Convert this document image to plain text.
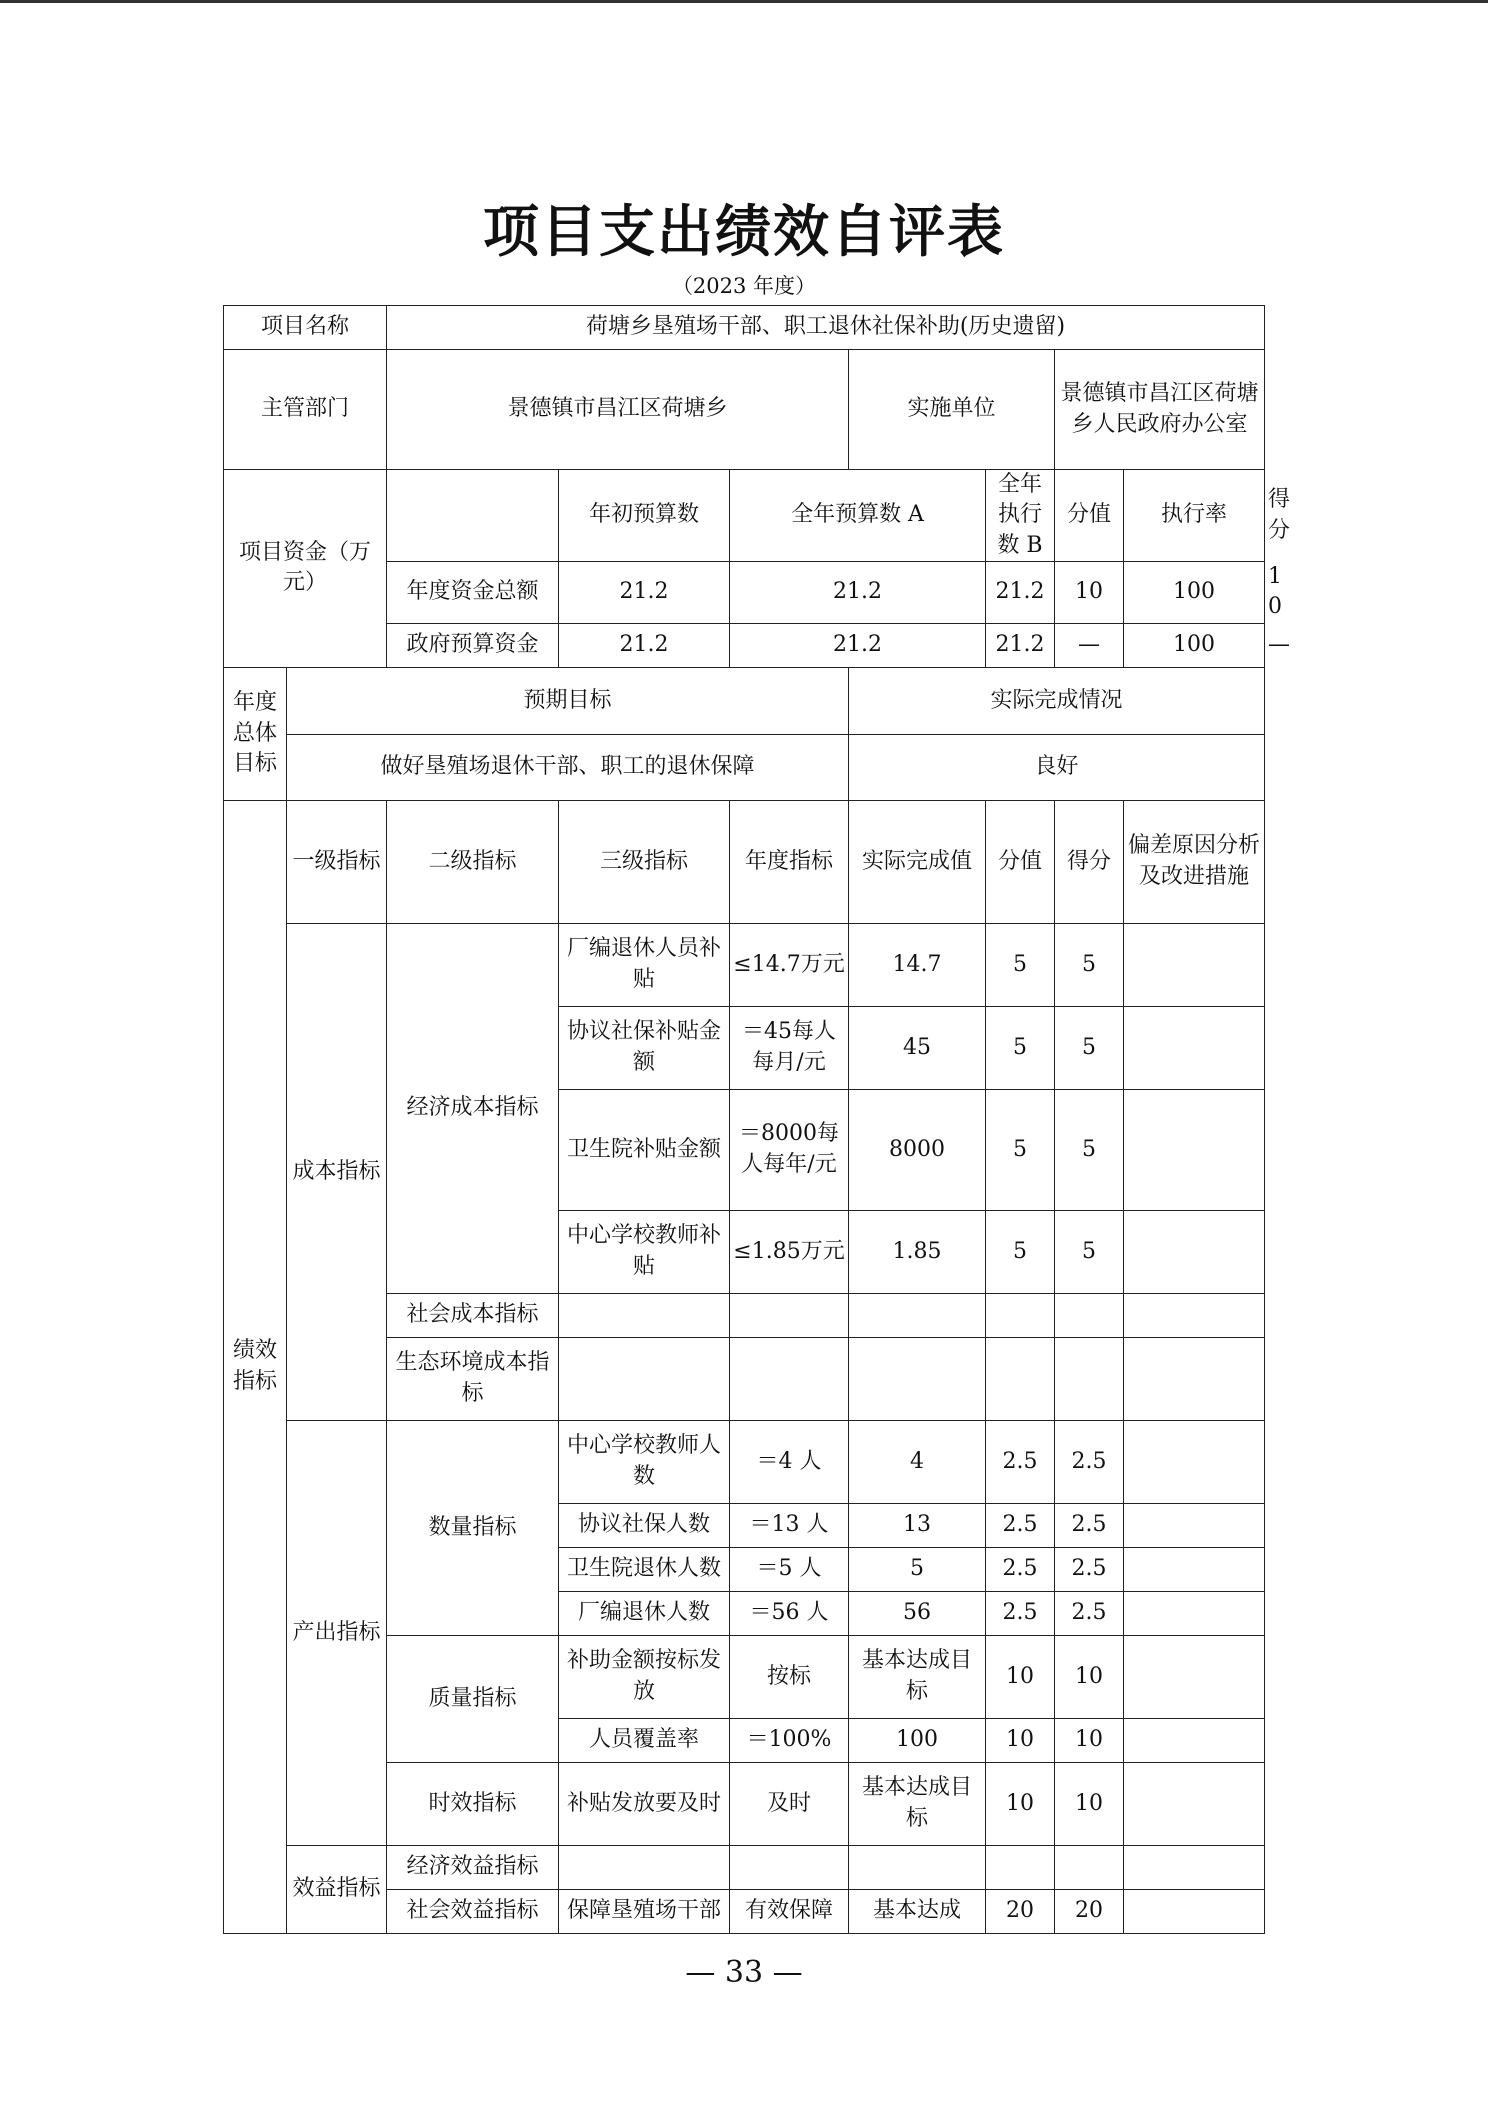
项目支出绩效自评表
（2023 年度）
项目名称		荷塘乡垦殖场干部、职工退休社保补助(历史遗留)							
主管部门		景德镇市昌江区荷塘乡			实施单位		景德镇市昌江区荷塘乡人民政府办公室		
项目资金（万元）			年初预算数	全年预算数 A		全年执行数 B	分值	执行率	得分
		年度资金总额	21.2	21.2		21.2	10	100	10
		政府预算资金	21.2	21.2		21.2	—	100	—
年度总体目标	预期目标				实际完成情况				
	做好垦殖场退休干部、职工的退休保障				良好				
绩效指标	一级指标	二级指标	三级指标	年度指标	实际完成值	分值	得分	偏差原因分析及改进措施	
	成本指标	经济成本指标	厂编退休人员补贴	≤14.7万元	14.7	5	5		
			协议社保补贴金额	＝45每人每月/元	45	5	5		
			卫生院补贴金额	＝8000每人每年/元	8000	5	5		
			中心学校教师补贴	≤1.85万元	1.85	5	5		
		社会成本指标							
		生态环境成本指标							
	产出指标	数量指标	中心学校教师人数	＝4 人	4	2.5	2.5		
			协议社保人数	＝13 人	13	2.5	2.5		
			卫生院退休人数	＝5 人	5	2.5	2.5		
			厂编退休人数	＝56 人	56	2.5	2.5		
		质量指标	补助金额按标发放	按标	基本达成目标	10	10		
			人员覆盖率	＝100%	100	10	10		
		时效指标	补贴发放要及时	及时	基本达成目标	10	10		
	效益指标	经济效益指标							
		社会效益指标	保障垦殖场干部	有效保障	基本达成	20	20		
— 33 —
